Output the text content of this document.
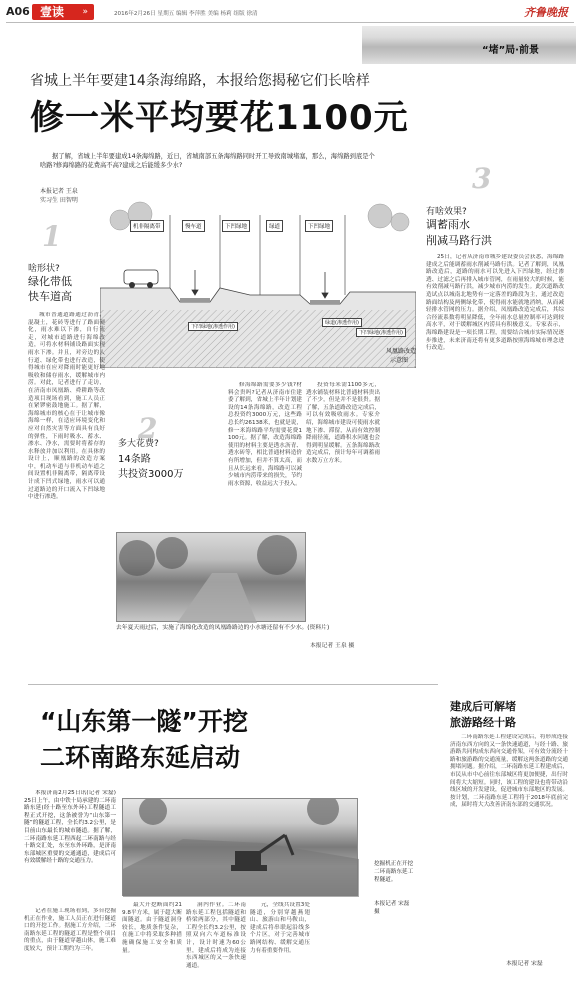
A06 壹读 »	2016年2月26日 星期五 编辑 李萍胜 美编 杨莉 组版 徐清	齐鲁晚报
“堵”局·前景
省城上半年要建14条海绵路，本报给您揭秘它们长啥样
修一米平均要花1100元
据了解，省城上半年要建成14条海绵路，近日，省城南部五条海绵路同时开工导致南城堵塞，那么，海绵路到底是个啥路?修海绵路的花费高不高?建成之后能缓多少水?
本报记者 王泉
实习生 田智明
机非隔离带	慢车道	下凹绿地	绿道	下凹绿地
下凹绿地(渗透作用)
绿道(渗透作用)
下凹绿地(渗透作用)
风凰路改造
示意图
1
啥形状?
绿化带低
快车道高
城市普通道路通过沥青、混凝土，花砖等进行了路面硬化，雨水难以下渗，自行流走，对城市道路进行海绵改造，可将水材料铺设路面实现雨水下渗。并且，对旁边的人行道、绿化带也进行改造，使得城市在应对降雨时能更好地吸收和储存雨水，缓解城市内涝。对此，记者进行了走访，在济南市凤凰路、舜耕路等改造项目现场看到，施工人员正在紧锣密鼓地施工。据了解，海绵城市的核心在于让城市像海绵一样，在适应环境变化和应对自然灾害等方面具有良好的弹性，下雨时吸水、蓄水、渗水、净水，需要时将蓄存的水释放并加以利用。在具体的设计上，顺凰路的改造方案中，机动车道与非机动车道之间设置机非隔离带，隔离带设计成下凹式绿地，雨水可以通过道路边的开口流入下凹绿地中进行渗透。
2
多大花费?
14条路
共投资3000万
修海绵路需要多少钱?材料会贵吗?记者从济南市住建委了解到，省城上半年计划建设的14条海绵路，改造工程总投资约3000万元，这些路总长约26138米，也就是说，修一米海绵路平均需要花费1100元。据了解，改造海绵路使用的材料主要是透水沥青、透水砖等，相比普通材料造价有所增加，但并不算太高，而且从长远来看，海绵路可以减少城市内涝带来的损失，节约雨水资源，收益远大于投入。
投资每米需1100多元，透水铺装材料比普通材料贵出了不少，但是并不是很贵。据了解，五条道路改造完成后，可以有效吸收雨水。专家介绍，海绵城市建设可使雨水就地下渗、滞留，从而有效控制降雨径流，道路积水问题也会得到明显缓解。五条海绵路改造完成后，预计每年可调蓄雨水数万立方米。
去年夏天雨过后，实施了海绵化改造的凤凰路路边的小水塘还留有不少水。(资料片)
本报记者 王泉 摄
3
有啥效果?
调蓄雨水
削减马路行洪
25日，记者从济南市城乡建设委员会获悉，海绵路建成之后能调蓄雨水削减马路行洪。记者了解到，凤凰路改造后，道路的雨水可以先进入下凹绿地，经过渗透、过滤之后再排入城市管网，在雨量较大的时候，能有效削减马路行洪，减少城市内涝的发生。此次道路改造试点以城南北地势有一定落差的路段为主，通过改造路面结构及两侧绿化带，使得雨水能就地消纳，从而减轻排水管网的压力。据介绍，凤凰路改造完成后，其综合径流系数将明显降低，全年雨水总量控制率可达到较高水平，对于缓解城区内涝具有积极意义。专家表示，海绵路建设是一项长期工程，需要结合城市实际情况逐步推进，未来济南还将有更多道路按照海绵城市理念进行改造。
“山东第一隧”开挖
二环南路东延启动
本报济南2月25日讯(记者 宋磊) 25日上午，由中铁十局承建的二环南路东延(经十路至东外环)工程隧道工程正式开挖，这条被誉为“山东第一隧”的隧道工程，全长约3.2公里，是目前山东最长的城市隧道。据了解，二环南路东延工程西起二环南路与经十路交汇处，东至东外环路，是济南东部城区重要的交通通道，建成后可有效缓解经十路的交通压力。
记者在施工现场看到，多台挖掘机正在作业，施工人员正在进行隧道口的开挖工作。据施工方介绍，二环南路东延工程的隧道工程是整个项目的重点，由于隧道穿越山体，施工难度较大，预计工期约为三年。
挖掘机正在开挖二环南路东延工程隧道。
本报记者 宋磊 摄
最大开挖断面约219.8平方米，属于超大断面隧道。由于隧道洞身较长，地质条件复杂，在施工中将采取多种措施确保施工安全和质量。
洞内作业。二环南路东延工程包括隧道和桥梁两部分，其中隧道工程全长约3.2公里，按照双向六车道标准设计，设计时速为60公里，建成后将成为连接东西城区的又一条快速通道。
元，全线共设置3处隧道，分别穿越燕翅山、旅游山和马鞍山，建成后将串联起沿线多个片区，对于完善城市路网结构、缓解交通压力有着重要作用。
建成后可解堵
旅游路经十路
二环南路东延工程建设完成后，将形成连接济南东西方向的又一条快速通道，与经十路、旅游路共同构成东西向交通骨架，可有效分流经十路和旅游路的交通流量，缓解这两条道路的交通拥堵问题。据介绍，二环南路东延工程建成后，市民从市中心前往东部城区将更加便捷，出行时间将大大缩短。同时，该工程的建设也将带动沿线区域的开发建设，促进城市东部地区的发展。按计划，二环南路东延工程将于2018年底前完成，届时将大大改善济南东部的交通状况。
本报记者 宋磊
